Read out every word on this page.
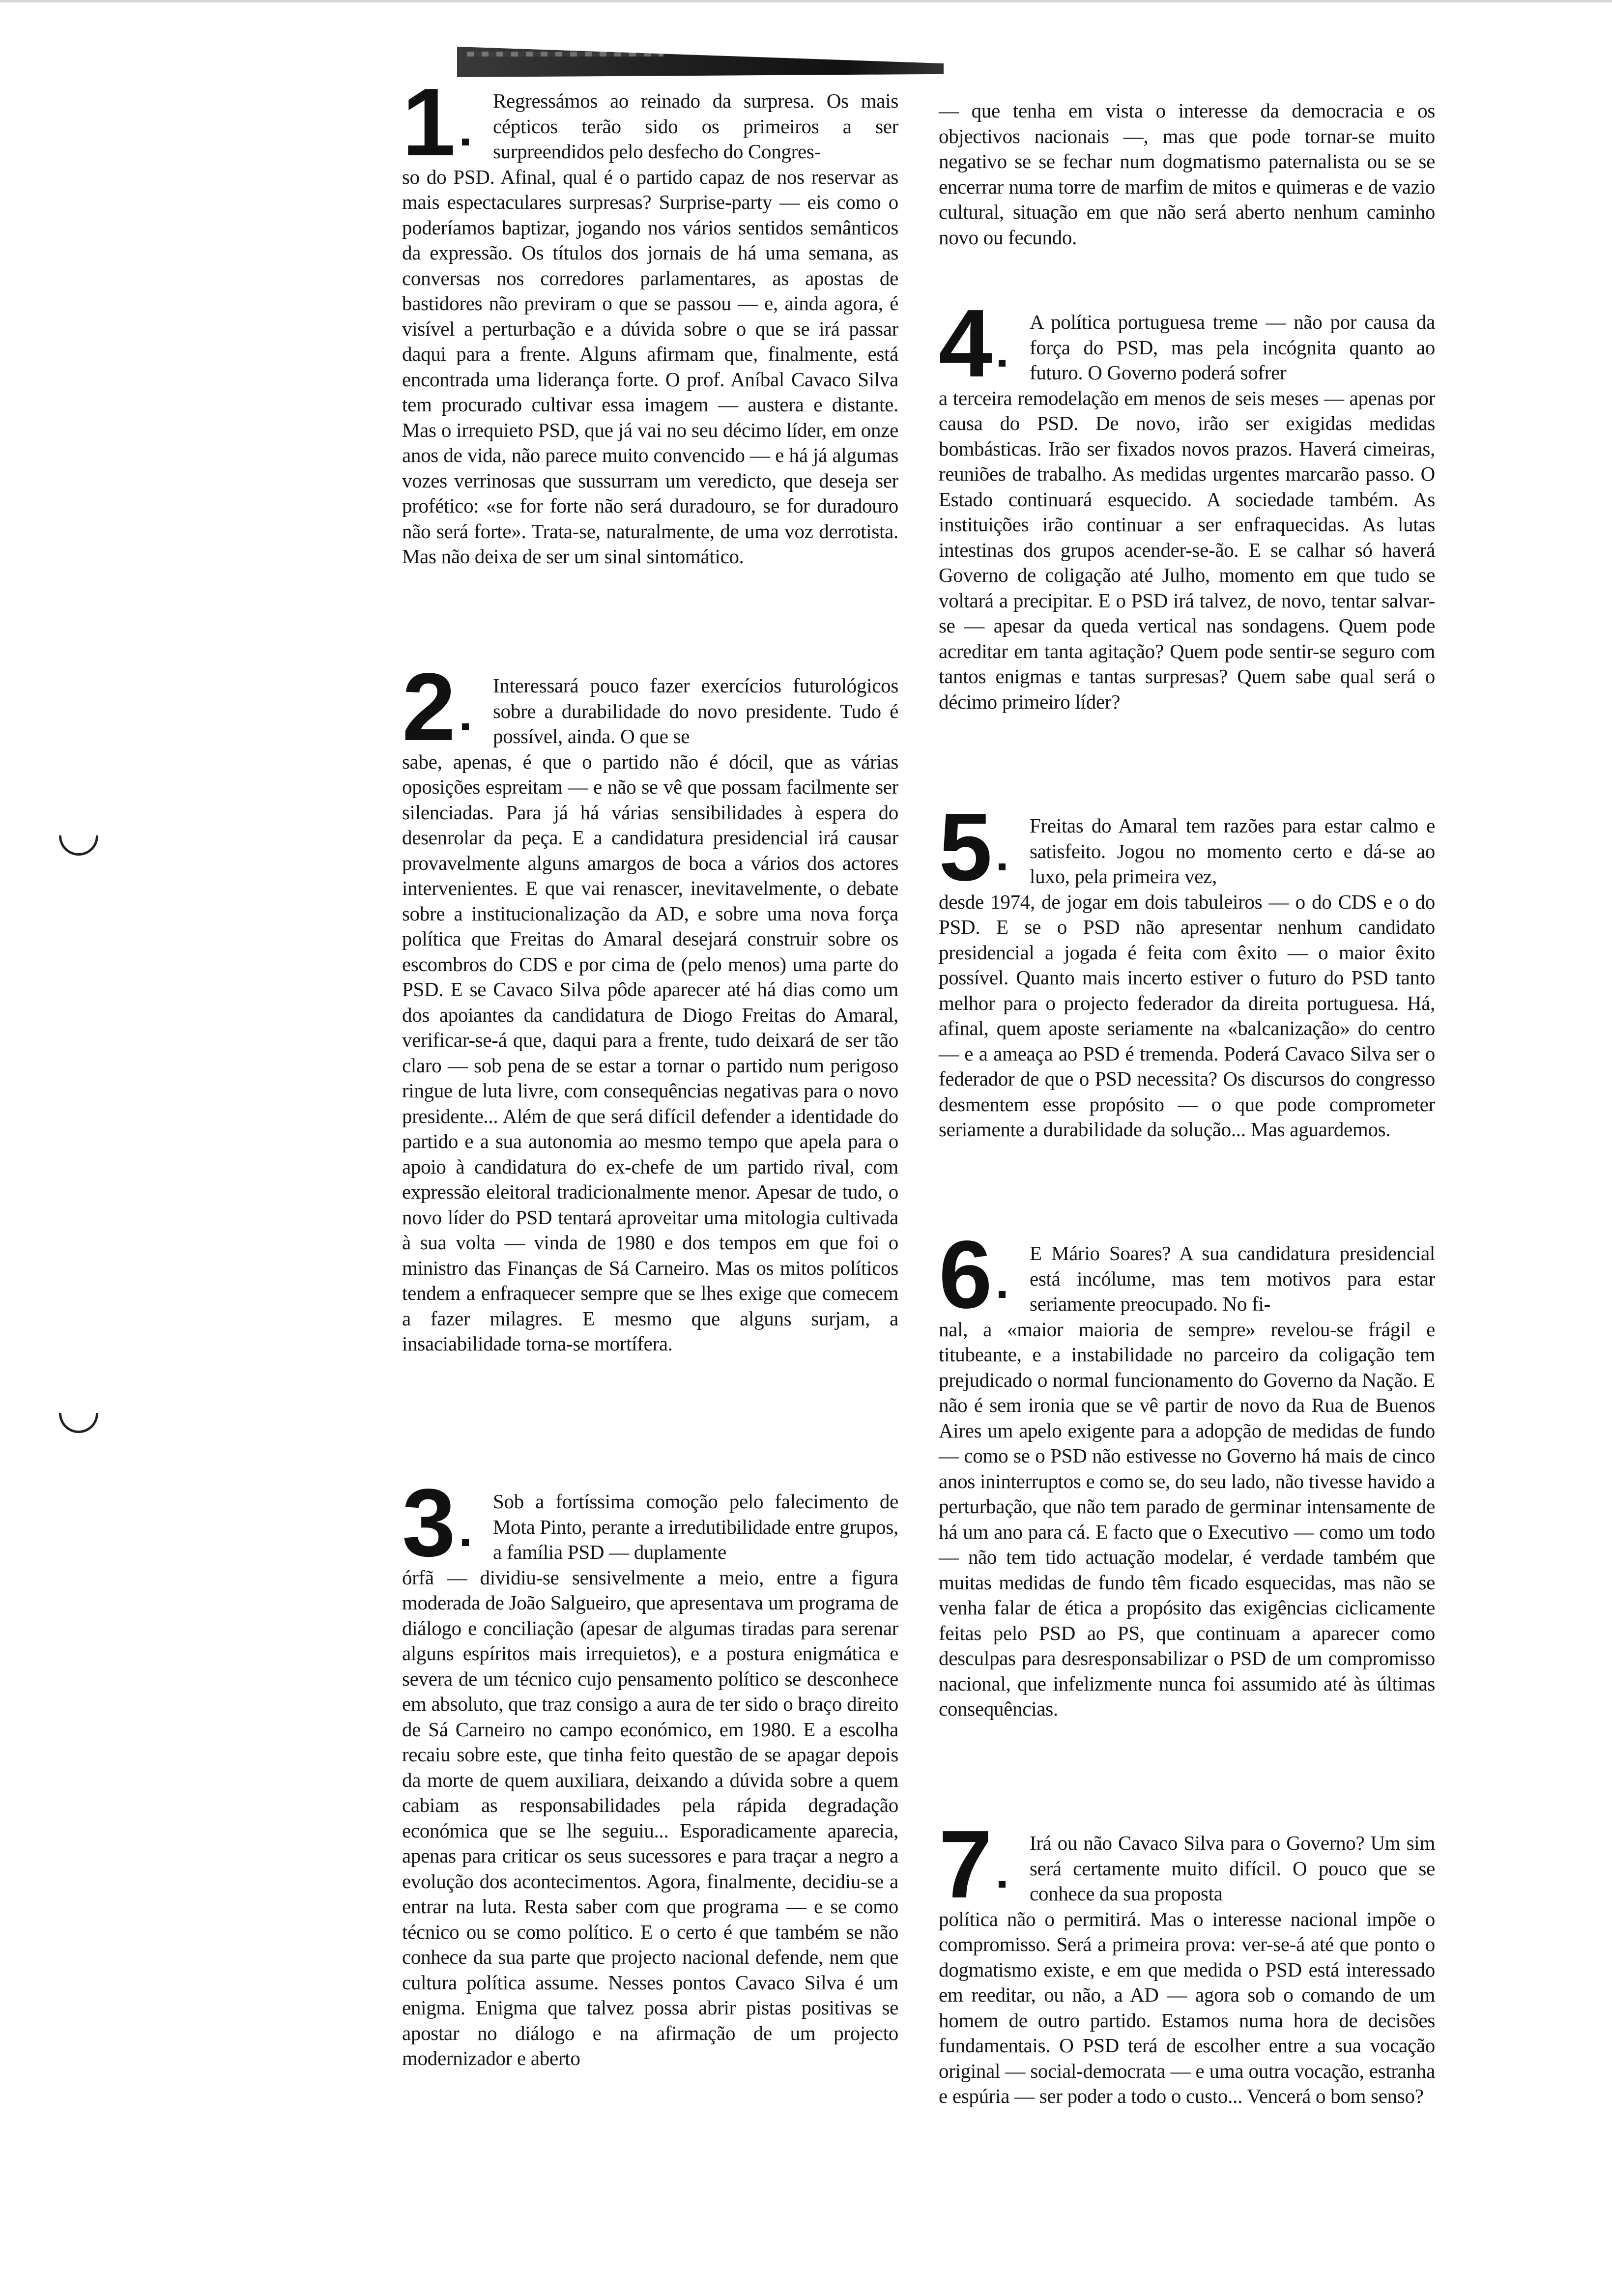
1	Regressámos ao reinado da surpresa. Os mais cépticos terão sido os primeiros a ser surpreendidos pelo desfecho do Congres-

so do PSD. Afinal, qual é o partido capaz de nos reservar as mais espectaculares surpresas? Surprise-party — eis como o poderíamos baptizar, jogando nos vários sentidos semânticos da expressão. Os títulos dos jornais de há uma semana, as conversas nos corredores parlamentares, as apostas de bastidores não previram o que se passou — e, ainda agora, é visível a perturbação e a dúvida sobre o que se irá passar daqui para a frente. Alguns afirmam que, finalmente, está encontrada uma liderança forte. O prof. Aníbal Cavaco Silva tem procurado cultivar essa imagem — austera e distante. Mas o irrequieto PSD, que já vai no seu décimo líder, em onze anos de vida, não parece muito convencido — e há já algumas vozes verrinosas que sussurram um veredicto, que deseja ser profético: «se for forte não será duradouro, se for duradouro não será forte». Trata-se, naturalmente, de uma voz derrotista. Mas não deixa de ser um sinal sintomático.

2	Interessará pouco fazer exercícios futurológicos sobre a durabilidade do novo presidente. Tudo é possível, ainda. O que se

sabe, apenas, é que o partido não é dócil, que as várias oposições espreitam — e não se vê que possam facilmente ser silenciadas. Para já há várias sensibilidades à espera do desenrolar da peça. E a candidatura presidencial irá causar provavelmente alguns amargos de boca a vários dos actores intervenientes. E que vai renascer, inevitavelmente, o debate sobre a institucionalização da AD, e sobre uma nova força política que Freitas do Amaral desejará construir sobre os escombros do CDS e por cima de (pelo menos) uma parte do PSD. E se Cavaco Silva pôde aparecer até há dias como um dos apoiantes da candidatura de Diogo Freitas do Amaral, verificar-se-á que, daqui para a frente, tudo deixará de ser tão claro — sob pena de se estar a tornar o partido num perigoso ringue de luta livre, com consequências negativas para o novo presidente... Além de que será difícil defender a identidade do partido e a sua autonomia ao mesmo tempo que apela para o apoio à candidatura do ex-chefe de um partido rival, com expressão eleitoral tradicionalmente menor. Apesar de tudo, o novo líder do PSD tentará aproveitar uma mitologia cultivada à sua volta — vinda de 1980 e dos tempos em que foi o ministro das Finanças de Sá Carneiro. Mas os mitos políticos tendem a enfraquecer sempre que se lhes exige que comecem a fazer milagres. E mesmo que alguns surjam, a insaciabilidade torna-se mortífera.

3	Sob a fortíssima comoção pelo falecimento de Mota Pinto, perante a irredutibilidade entre grupos, a família PSD — duplamente

órfã — dividiu-se sensivelmente a meio, entre a figura moderada de João Salgueiro, que apresentava um programa de diálogo e conciliação (apesar de algumas tiradas para serenar alguns espíritos mais irrequietos), e a postura enigmática e severa de um técnico cujo pensamento político se desconhece em absoluto, que traz consigo a aura de ter sido o braço direito de Sá Carneiro no campo económico, em 1980. E a escolha recaiu sobre este, que tinha feito questão de se apagar depois da morte de quem auxiliara, deixando a dúvida sobre a quem cabiam as responsabilidades pela rápida degradação económica que se lhe seguiu... Esporadicamente aparecia, apenas para criticar os seus sucessores e para traçar a negro a evolução dos acontecimentos. Agora, finalmente, decidiu-se a entrar na luta. Resta saber com que programa — e se como técnico ou se como político. E o certo é que também se não conhece da sua parte que projecto nacional defende, nem que cultura política assume. Nesses pontos Cavaco Silva é um enigma. Enigma que talvez possa abrir pistas positivas se apostar no diálogo e na afirmação de um projecto modernizador e aberto

— que tenha em vista o interesse da democracia e os objectivos nacionais —, mas que pode tornar-se muito negativo se se fechar num dogmatismo paternalista ou se se encerrar numa torre de marfim de mitos e quimeras e de vazio cultural, situação em que não será aberto nenhum caminho novo ou fecundo.

4	A política portuguesa treme — não por causa da força do PSD, mas pela incógnita quanto ao futuro. O Governo poderá sofrer

a terceira remodelação em menos de seis meses — apenas por causa do PSD. De novo, irão ser exigidas medidas bombásticas. Irão ser fixados novos prazos. Haverá cimeiras, reuniões de trabalho. As medidas urgentes marcarão passo. O Estado continuará esquecido. A sociedade também. As instituições irão continuar a ser enfraquecidas. As lutas intestinas dos grupos acender-se-ão. E se calhar só haverá Governo de coligação até Julho, momento em que tudo se voltará a precipitar. E o PSD irá talvez, de novo, tentar salvar-se — apesar da queda vertical nas sondagens. Quem pode acreditar em tanta agitação? Quem pode sentir-se seguro com tantos enigmas e tantas surpresas? Quem sabe qual será o décimo primeiro líder?

5	Freitas do Amaral tem razões para estar calmo e satisfeito. Jogou no momento certo e dá-se ao luxo, pela primeira vez,

desde 1974, de jogar em dois tabuleiros — o do CDS e o do PSD. E se o PSD não apresentar nenhum candidato presidencial a jogada é feita com êxito — o maior êxito possível. Quanto mais incerto estiver o futuro do PSD tanto melhor para o projecto federador da direita portuguesa. Há, afinal, quem aposte seriamente na «balcanização» do centro — e a ameaça ao PSD é tremenda. Poderá Cavaco Silva ser o federador de que o PSD necessita? Os discursos do congresso desmentem esse propósito — o que pode comprometer seriamente a durabilidade da solução... Mas aguardemos.

6	E Mário Soares? A sua candidatura presidencial está incólume, mas tem motivos para estar seriamente preocupado. No fi-

nal, a «maior maioria de sempre» revelou-se frágil e titubeante, e a instabilidade no parceiro da coligação tem prejudicado o normal funcionamento do Governo da Nação. E não é sem ironia que se vê partir de novo da Rua de Buenos Aires um apelo exigente para a adopção de medidas de fundo — como se o PSD não estivesse no Governo há mais de cinco anos ininterruptos e como se, do seu lado, não tivesse havido a perturbação, que não tem parado de germinar intensamente de há um ano para cá. E facto que o Executivo — como um todo — não tem tido actuação modelar, é verdade também que muitas medidas de fundo têm ficado esquecidas, mas não se venha falar de ética a propósito das exigências ciclicamente feitas pelo PSD ao PS, que continuam a aparecer como desculpas para desresponsabilizar o PSD de um compromisso nacional, que infelizmente nunca foi assumido até às últimas consequências.

7	Irá ou não Cavaco Silva para o Governo? Um sim será certamente muito difícil. O pouco que se conhece da sua proposta

política não o permitirá. Mas o interesse nacional impõe o compromisso. Será a primeira prova: ver-se-á até que ponto o dogmatismo existe, e em que medida o PSD está interessado em reeditar, ou não, a AD — agora sob o comando de um homem de outro partido. Estamos numa hora de decisões fundamentais. O PSD terá de escolher entre a sua vocação original — social-democrata — e uma outra vocação, estranha e espúria — ser poder a todo o custo... Vencerá o bom senso?
